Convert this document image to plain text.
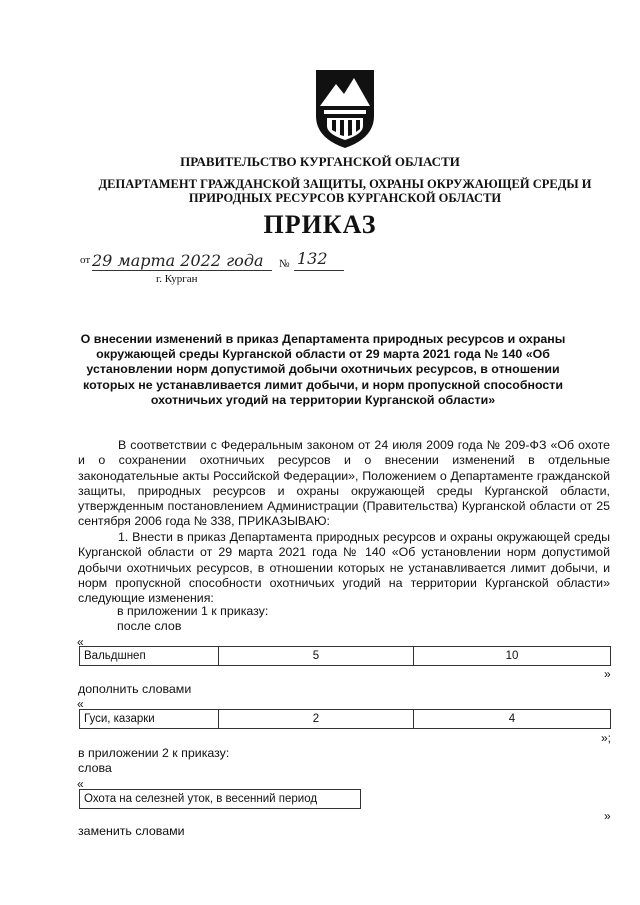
ПРАВИТЕЛЬСТВО КУРГАНСКОЙ ОБЛАСТИ
ДЕПАРТАМЕНТ ГРАЖДАНСКОЙ ЗАЩИТЫ, ОХРАНЫ ОКРУЖАЮЩЕЙ СРЕДЫ И ПРИРОДНЫХ РЕСУРСОВ КУРГАНСКОЙ ОБЛАСТИ
ПРИКАЗ
от 29 марта 2022 года № 132
г. Курган
О внесении изменений в приказ Департамента природных ресурсов и охраны окружающей среды Курганской области от 29 марта 2021 года № 140 «Об установлении норм допустимой добычи охотничьих ресурсов, в отношении которых не устанавливается лимит добычи, и норм пропускной способности охотничьих угодий на территории Курганской области»
В соответствии с Федеральным законом от 24 июля 2009 года № 209-ФЗ «Об охоте и о сохранении охотничьих ресурсов и о внесении изменений в отдельные законодательные акты Российской Федерации», Положением о Департаменте гражданской защиты, природных ресурсов и охраны окружающей среды Курганской области, утвержденным постановлением Администрации (Правительства) Курганской области от 25 сентября 2006 года № 338, ПРИКАЗЫВАЮ:
1. Внести в приказ Департамента природных ресурсов и охраны окружающей среды Курганской области от 29 марта 2021 года № 140 «Об установлении норм допустимой добычи охотничьих ресурсов, в отношении которых не устанавливается лимит добычи, и норм пропускной способности охотничьих угодий на территории Курганской области» следующие изменения:
в приложении 1 к приказу:
после слов
«
Вальдшнеп	5	10
»
дополнить словами
«
Гуси, казарки	2	4
»;
в приложении 2 к приказу:
слова
«
Охота на селезней уток, в весенний период
»
заменить словами
